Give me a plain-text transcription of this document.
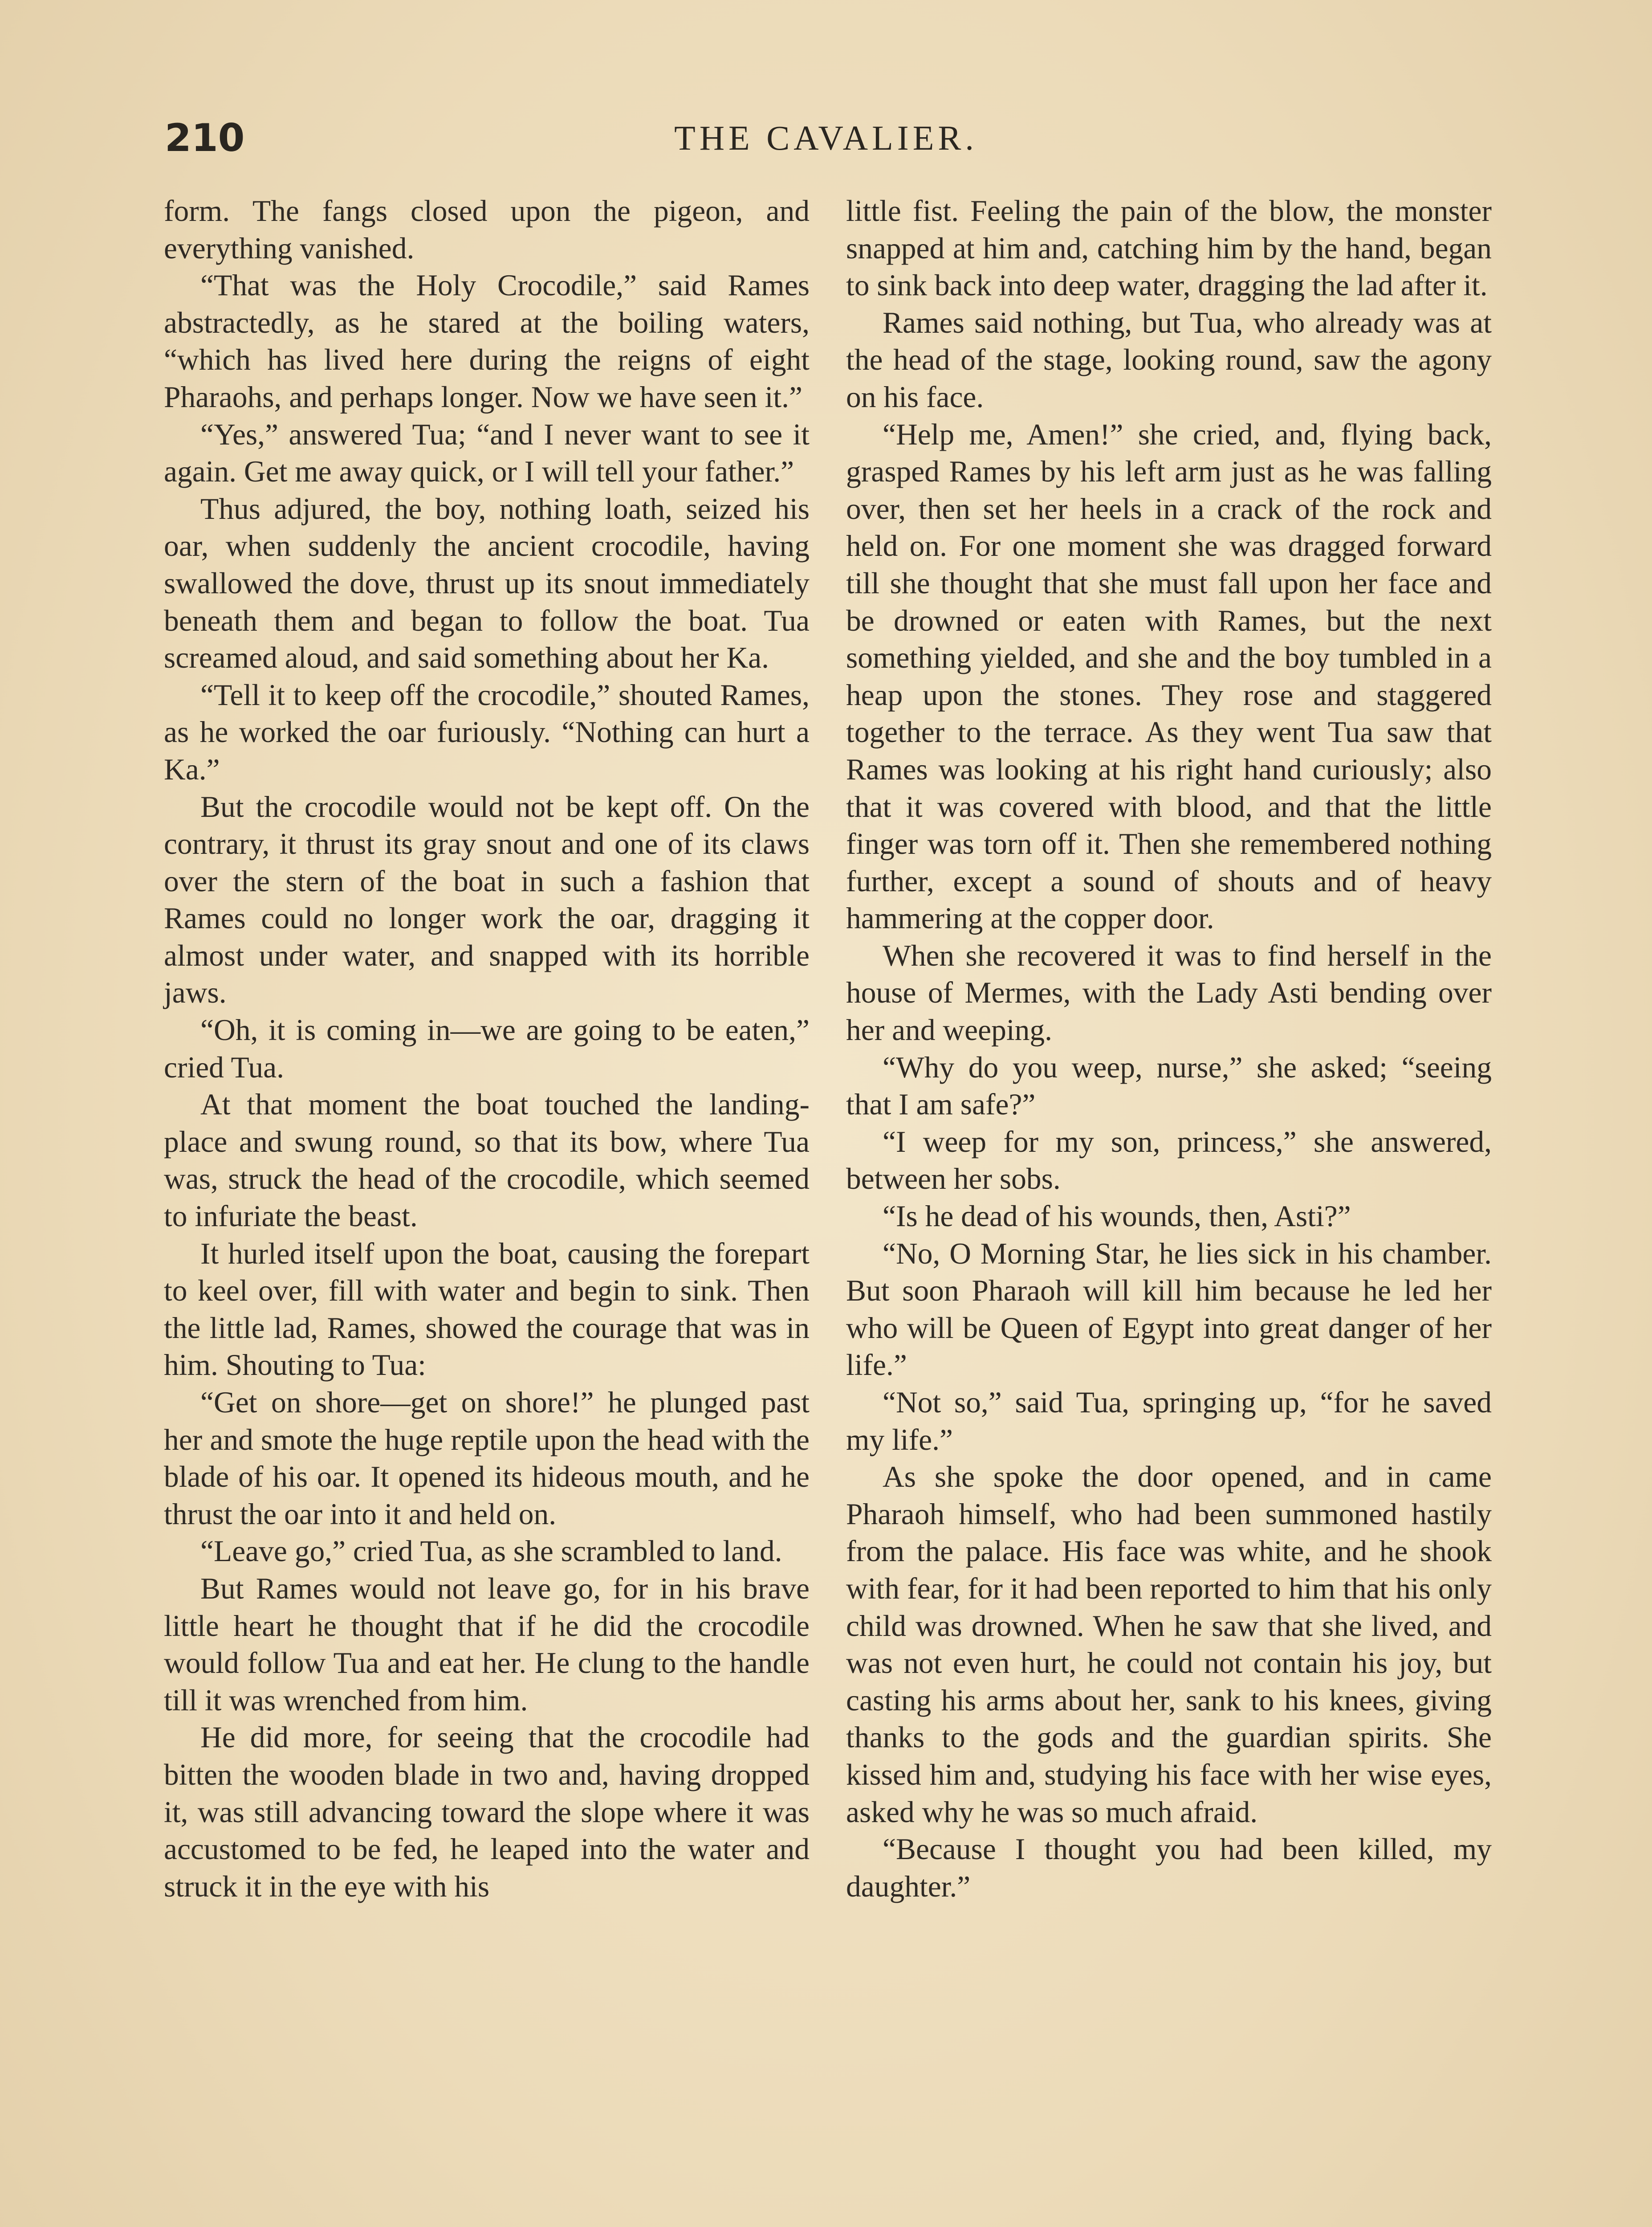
210	THE CAVALIER.

form. The fangs closed upon the pigeon, and everything vanished.

“That was the Holy Crocodile,” said Rames abstractedly, as he stared at the boiling waters, “which has lived here during the reigns of eight Pharaohs, and perhaps longer. Now we have seen it.”

“Yes,” answered Tua; “and I never want to see it again. Get me away quick, or I will tell your father.”

Thus adjured, the boy, nothing loath, seized his oar, when suddenly the ancient crocodile, having swallowed the dove, thrust up its snout immediately beneath them and began to follow the boat. Tua screamed aloud, and said something about her Ka.

“Tell it to keep off the crocodile,” shouted Rames, as he worked the oar furiously. “Nothing can hurt a Ka.”

But the crocodile would not be kept off. On the contrary, it thrust its gray snout and one of its claws over the stern of the boat in such a fashion that Rames could no longer work the oar, dragging it almost under water, and snapped with its horrible jaws.

“Oh, it is coming in—we are going to be eaten,” cried Tua.

At that moment the boat touched the landing-place and swung round, so that its bow, where Tua was, struck the head of the crocodile, which seemed to infuriate the beast.

It hurled itself upon the boat, causing the forepart to keel over, fill with water and begin to sink. Then the little lad, Rames, showed the courage that was in him. Shouting to Tua:

“Get on shore—get on shore!” he plunged past her and smote the huge reptile upon the head with the blade of his oar. It opened its hideous mouth, and he thrust the oar into it and held on.

“Leave go,” cried Tua, as she scrambled to land.

But Rames would not leave go, for in his brave little heart he thought that if he did the crocodile would follow Tua and eat her. He clung to the handle till it was wrenched from him.

He did more, for seeing that the crocodile had bitten the wooden blade in two and, having dropped it, was still advancing toward the slope where it was accustomed to be fed, he leaped into the water and struck it in the eye with his

little fist. Feeling the pain of the blow, the monster snapped at him and, catching him by the hand, began to sink back into deep water, dragging the lad after it.

Rames said nothing, but Tua, who already was at the head of the stage, looking round, saw the agony on his face.

“Help me, Amen!” she cried, and, flying back, grasped Rames by his left arm just as he was falling over, then set her heels in a crack of the rock and held on. For one moment she was dragged forward till she thought that she must fall upon her face and be drowned or eaten with Rames, but the next something yielded, and she and the boy tumbled in a heap upon the stones. They rose and staggered together to the terrace. As they went Tua saw that Rames was looking at his right hand curiously; also that it was covered with blood, and that the little finger was torn off it. Then she remembered nothing further, except a sound of shouts and of heavy hammering at the copper door.

When she recovered it was to find herself in the house of Mermes, with the Lady Asti bending over her and weeping.

“Why do you weep, nurse,” she asked; “seeing that I am safe?”

“I weep for my son, princess,” she answered, between her sobs.

“Is he dead of his wounds, then, Asti?”

“No, O Morning Star, he lies sick in his chamber. But soon Pharaoh will kill him because he led her who will be Queen of Egypt into great danger of her life.”

“Not so,” said Tua, springing up, “for he saved my life.”

As she spoke the door opened, and in came Pharaoh himself, who had been summoned hastily from the palace. His face was white, and he shook with fear, for it had been reported to him that his only child was drowned. When he saw that she lived, and was not even hurt, he could not contain his joy, but casting his arms about her, sank to his knees, giving thanks to the gods and the guardian spirits. She kissed him and, studying his face with her wise eyes, asked why he was so much afraid.

“Because I thought you had been killed, my daughter.”
